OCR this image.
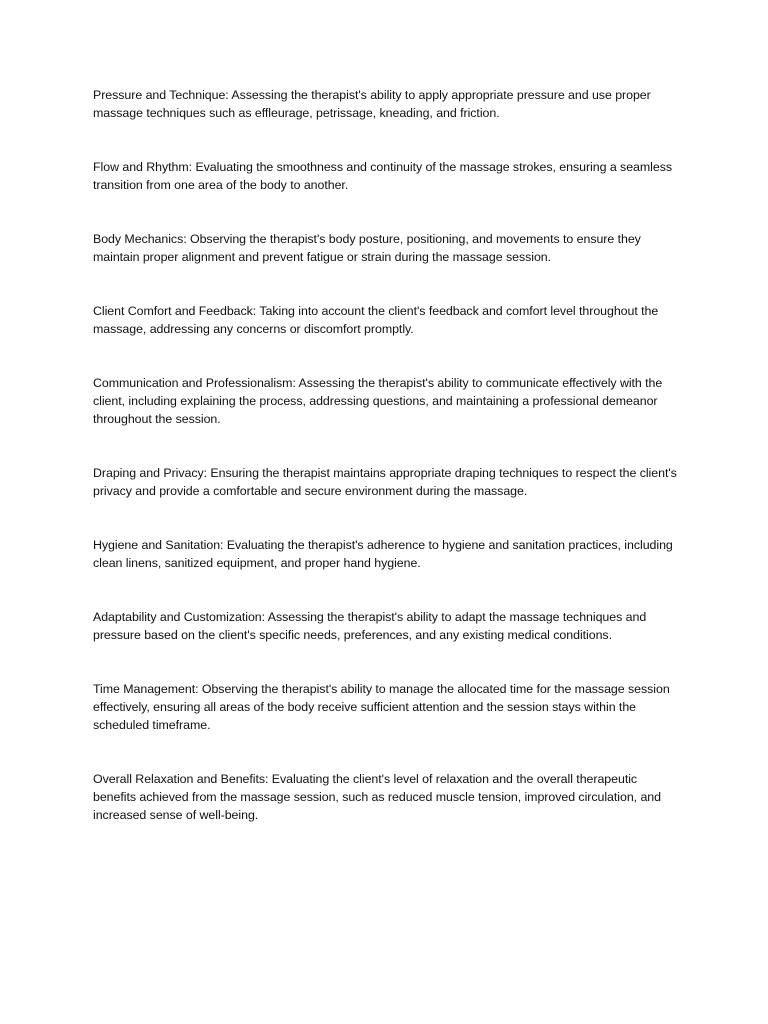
Pressure and Technique: Assessing the therapist's ability to apply appropriate pressure and use proper massage techniques such as effleurage, petrissage, kneading, and friction.

Flow and Rhythm: Evaluating the smoothness and continuity of the massage strokes, ensuring a seamless transition from one area of the body to another.

Body Mechanics: Observing the therapist's body posture, positioning, and movements to ensure they maintain proper alignment and prevent fatigue or strain during the massage session.

Client Comfort and Feedback: Taking into account the client's feedback and comfort level throughout the massage, addressing any concerns or discomfort promptly.

Communication and Professionalism: Assessing the therapist's ability to communicate effectively with the client, including explaining the process, addressing questions, and maintaining a professional demeanor throughout the session.

Draping and Privacy: Ensuring the therapist maintains appropriate draping techniques to respect the client's privacy and provide a comfortable and secure environment during the massage.

Hygiene and Sanitation: Evaluating the therapist's adherence to hygiene and sanitation practices, including clean linens, sanitized equipment, and proper hand hygiene.

Adaptability and Customization: Assessing the therapist's ability to adapt the massage techniques and pressure based on the client's specific needs, preferences, and any existing medical conditions.

Time Management: Observing the therapist's ability to manage the allocated time for the massage session effectively, ensuring all areas of the body receive sufficient attention and the session stays within the scheduled timeframe.

Overall Relaxation and Benefits: Evaluating the client's level of relaxation and the overall therapeutic benefits achieved from the massage session, such as reduced muscle tension, improved circulation, and increased sense of well-being.
